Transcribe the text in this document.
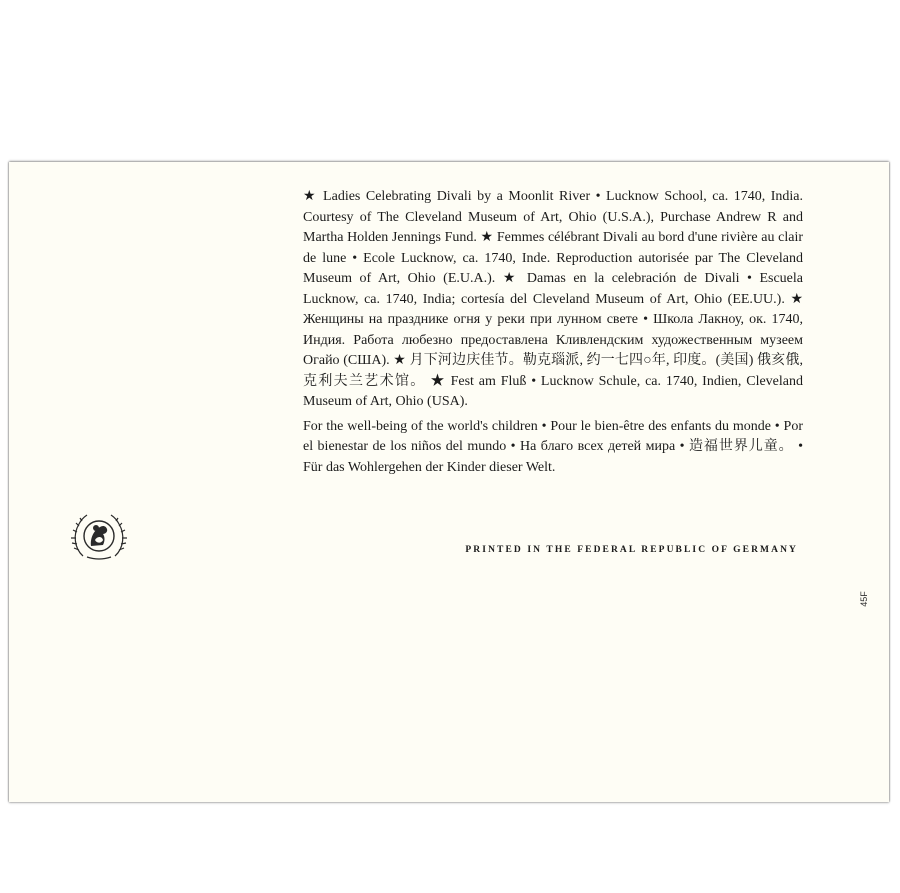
★ Ladies Celebrating Divali by a Moonlit River • Lucknow School, ca. 1740, India. Courtesy of The Cleveland Museum of Art, Ohio (U.S.A.), Purchase Andrew R and Martha Holden Jennings Fund. ★ Femmes célébrant Divali au bord d'une rivière au clair de lune • Ecole Lucknow, ca. 1740, Inde. Reproduction autorisée par The Cleveland Museum of Art, Ohio (E.U.A.). ★ Damas en la celebración de Divali • Escuela Lucknow, ca. 1740, India; cortesía del Cleveland Museum of Art, Ohio (EE.UU.). ★ Женщины на празднике огня у реки при лунном свете • Школа Лакноу, ок. 1740, Индия. Работа любезно предоставлена Кливлендским художественным музеем Огайо (США). ★ 月下河边庆佳节。勒克瑙派, 约一七四○年, 印度。(美国) 俄亥俄, 克利夫兰艺术馆。 ★ Fest am Fluß • Lucknow Schule, ca. 1740, Indien, Cleveland Museum of Art, Ohio (USA).

For the well-being of the world's children • Pour le bien-être des enfants du monde • Por el bienestar de los niños del mundo • На благо всех детей мира • 造福世界儿童。 • Für das Wohlergehen der Kinder dieser Welt.

PRINTED IN THE FEDERAL REPUBLIC OF GERMANY
45F
